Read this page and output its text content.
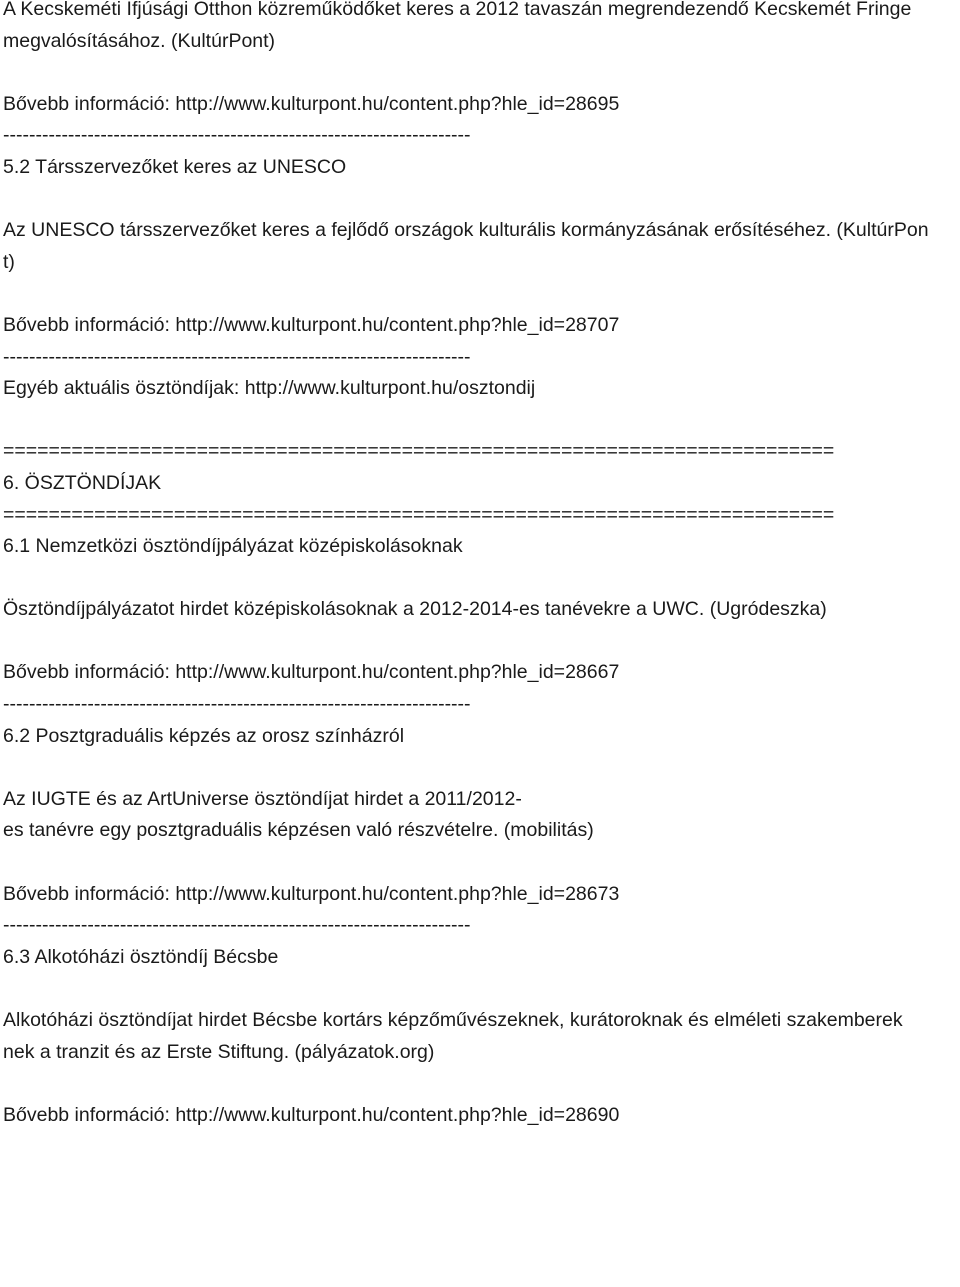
A Kecskeméti Ifjúsági Otthon közreműködőket keres a 2012 tavaszán megrendezendő Kecskemét Fringe
megvalósításához. (KultúrPont)
Bővebb információ: http://www.kulturpont.hu/content.php?hle_id=28695
------------------------------------------------------------------------
5.2 Társszervezőket keres az UNESCO
Az UNESCO társszervezőket keres a fejlődő országok kulturális kormányzásának erősítéséhez. (KultúrPon
t)
Bővebb információ: http://www.kulturpont.hu/content.php?hle_id=28707
------------------------------------------------------------------------
Egyéb aktuális ösztöndíjak: http://www.kulturpont.hu/osztondij
=========================================================================
6. ÖSZTÖNDÍJAK
=========================================================================
6.1 Nemzetközi ösztöndíjpályázat középiskolásoknak
Ösztöndíjpályázatot hirdet középiskolásoknak a 2012-2014-es tanévekre a UWC. (Ugródeszka)
Bővebb információ: http://www.kulturpont.hu/content.php?hle_id=28667
------------------------------------------------------------------------
6.2 Posztgraduális képzés az orosz színházról
Az IUGTE és az ArtUniverse ösztöndíjat hirdet a 2011/2012-
es tanévre egy posztgraduális képzésen való részvételre. (mobilitás)
Bővebb információ: http://www.kulturpont.hu/content.php?hle_id=28673
------------------------------------------------------------------------
6.3 Alkotóházi ösztöndíj Bécsbe
Alkotóházi ösztöndíjat hirdet Bécsbe kortárs képzőművészeknek, kurátoroknak és elméleti szakemberek
nek a tranzit és az Erste Stiftung. (pályázatok.org)
Bővebb információ: http://www.kulturpont.hu/content.php?hle_id=28690
